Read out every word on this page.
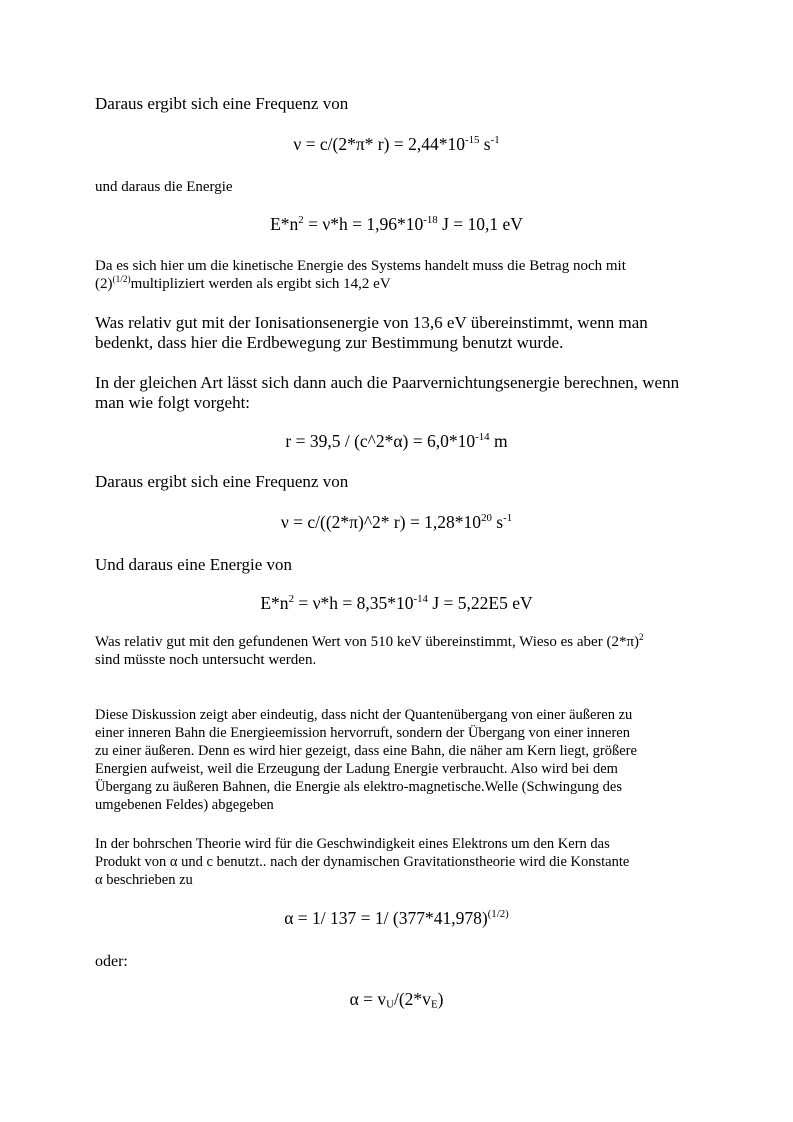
Daraus ergibt sich eine Frequenz von

ν = c/(2*π* $r) = 2,44*10^{-15}$ $s^{-1}$

und daraus die Energie

$E*n^2 = \nu*h = 1,96*10^{-18}$ J = 10,1 eV

Da es sich hier um die kinetische Energie des Systems handelt muss die Betrag noch mit

$(2)^{(1/2)}multipliziert$ werden als ergibt sich 14,2 eV

Was relativ gut mit der Ionisationsenergie von 13,6 eV übereinstimmt, wenn man

bedenkt, dass hier die Erdbewegung zur Bestimmung benutzt wurde.

In der gleichen Art lässt sich dann auch die Paarvernichtungsenergie berechnen, wenn

man wie folgt vorgeht:

r = 39,5 / (c^2*α) = $6,0*10^{-14}$ m

Daraus ergibt sich eine Frequenz von

ν = c/((2*π)^2* $r) = 1,28*10^{20}$ $s^{-1}$

Und daraus eine Energie von

$E*n^2 = \nu*h = 8,35*10^{-14}$ J = 5,22E5 eV

Was relativ gut mit den gefundenen Wert von 510 keV übereinstimmt, Wieso es aber $(2*\pi)^2$

sind müsste noch untersucht werden.

Diese Diskussion zeigt aber eindeutig, dass nicht der Quantenübergang von einer äußeren zu

einer inneren Bahn die Energieemission hervorruft, sondern der Übergang von einer inneren

zu einer äußeren. Denn es wird hier gezeigt, dass eine Bahn, die näher am Kern liegt, größere

Energien aufweist, weil die Erzeugung der Ladung Energie verbraucht. Also wird bei dem

Übergang zu äußeren Bahnen, die Energie als elektro-magnetische.Welle (Schwingung des

umgebenen Feldes) abgegeben

In der bohrschen Theorie wird für die Geschwindigkeit eines Elektrons um den Kern das

Produkt von α und c benutzt.. nach der dynamischen Gravitationstheorie wird die Konstante

α beschrieben zu

α = 1/ 137 = 1/ $(377*41,978)^{(1/2)}$

oder:

$\alpha = v_U/(2*v_E)$
